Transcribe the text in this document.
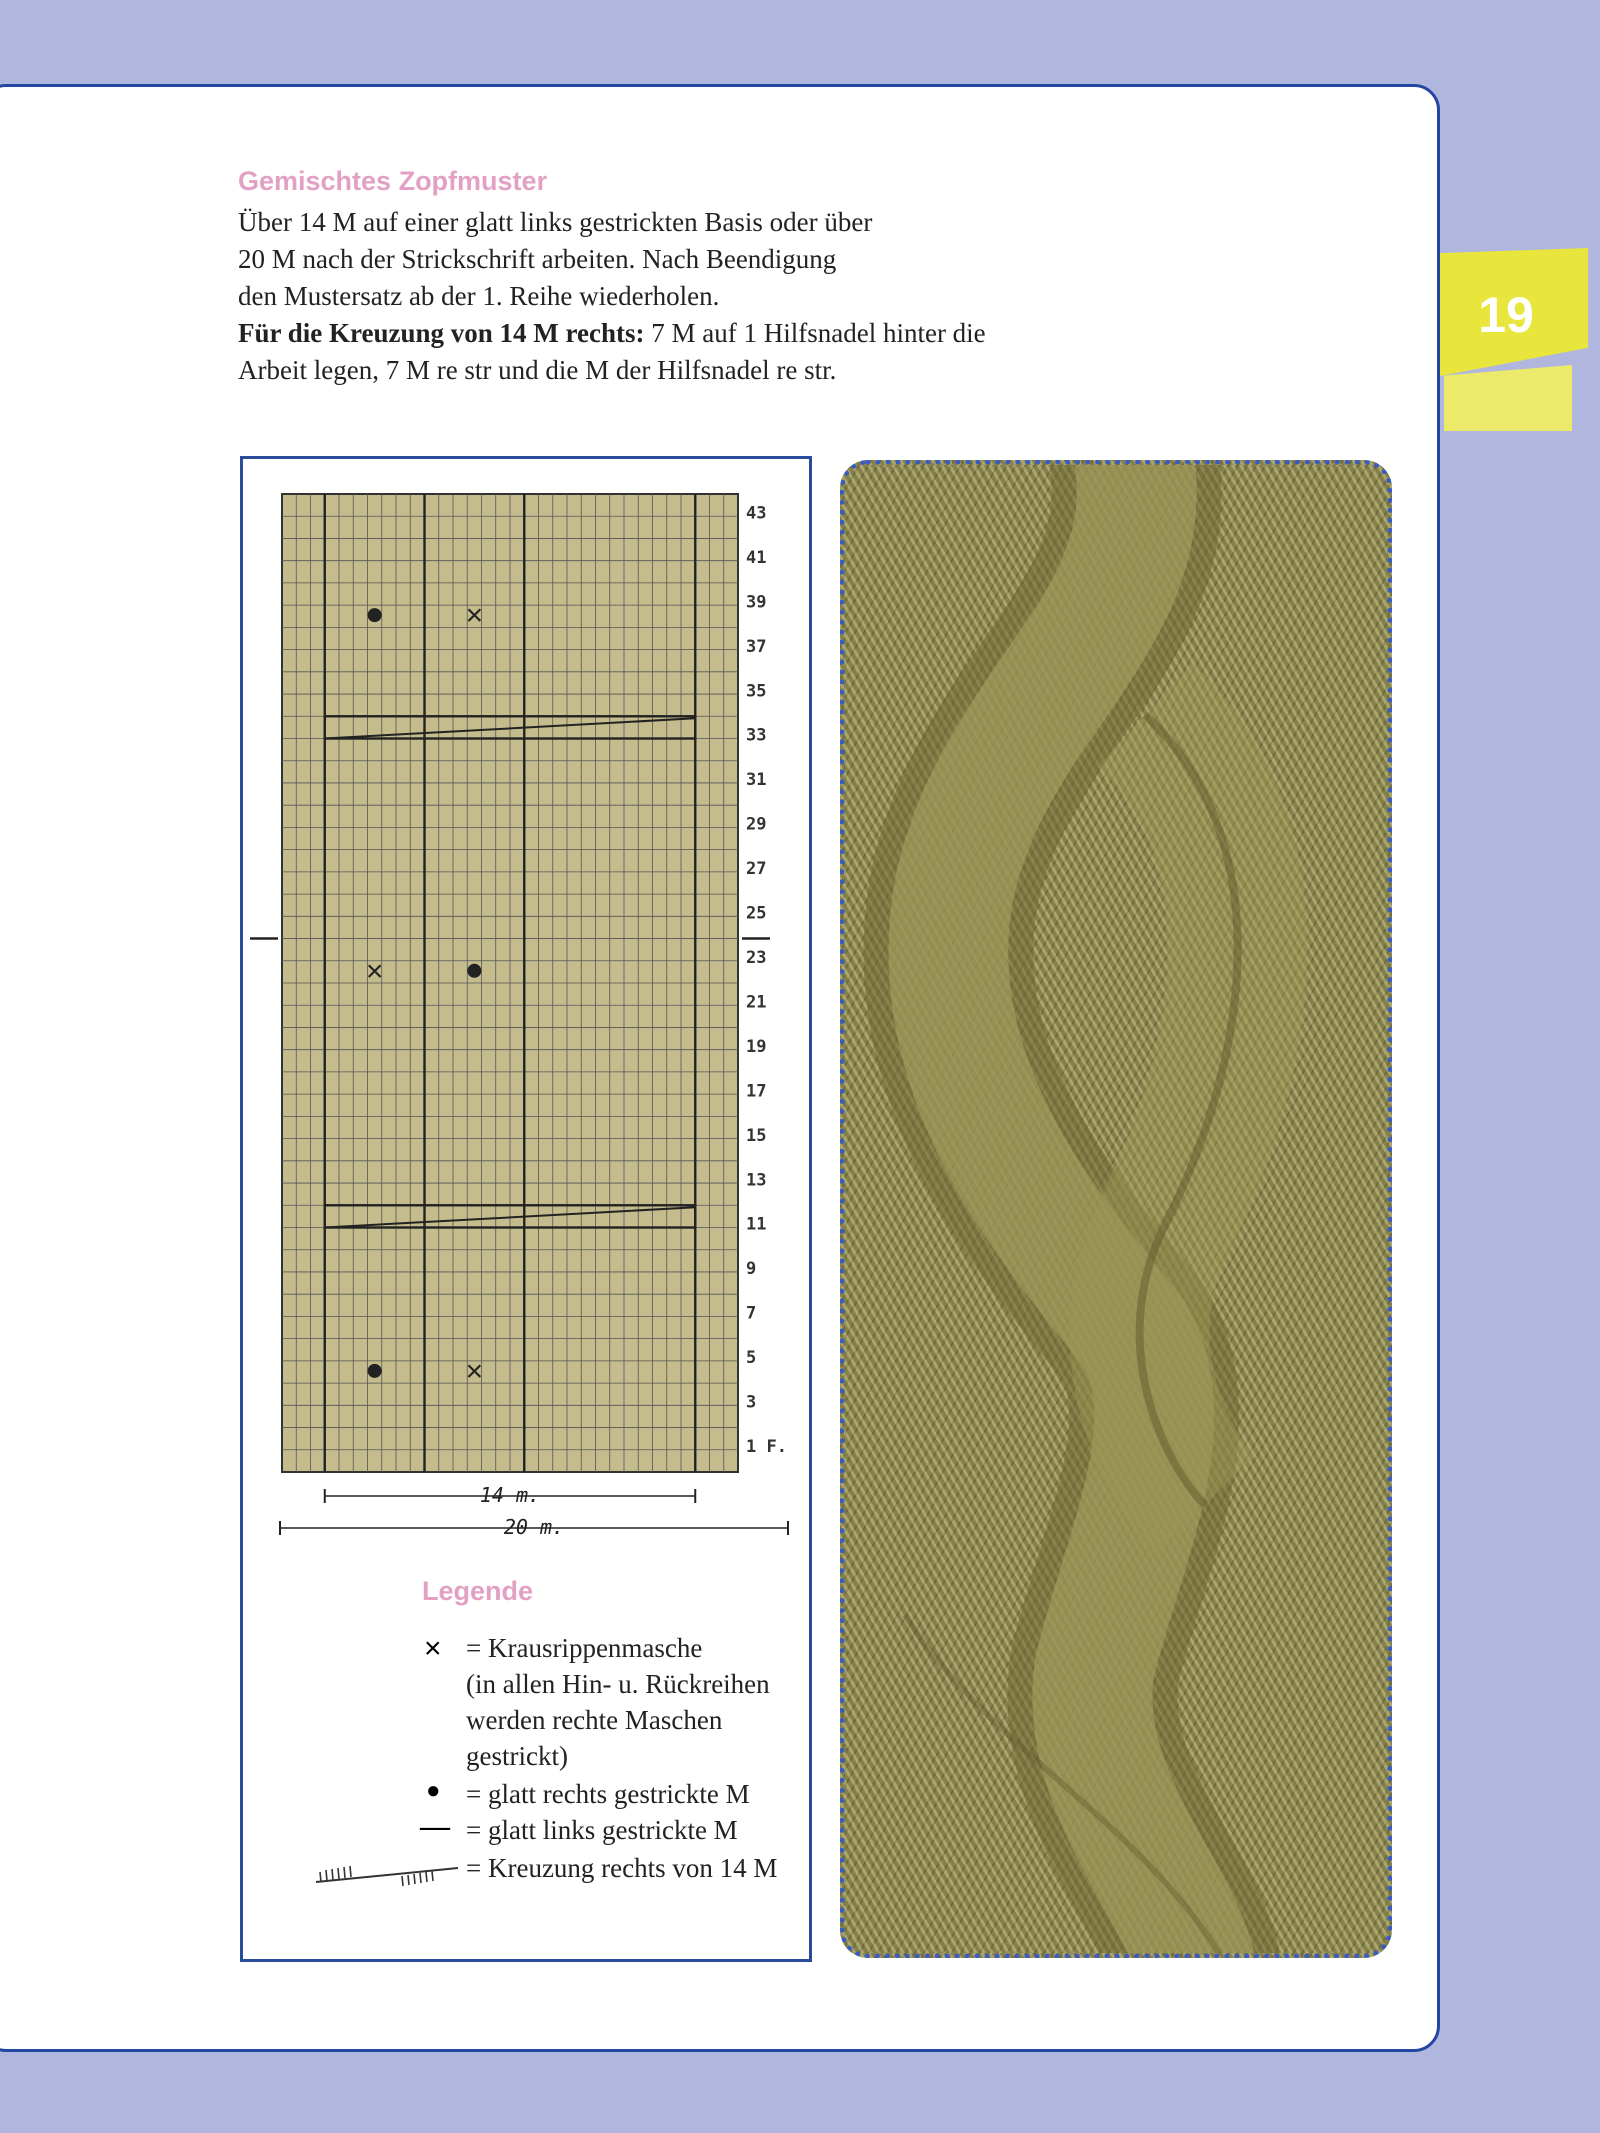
19
Gemischtes Zopfmuster

Über 14 M auf einer glatt links gestrickten Basis oder über

20 M nach der Strickschrift arbeiten. Nach Beendigung

den Mustersatz ab der 1. Reihe wiederholen.

Für die Kreuzung von 14 M rechts: 7 M auf 1 Hilfsnadel hinter die

Arbeit legen, 7 M re str und die M der Hilfsnadel re str.

×
×
×
43
41
39
37
35
33
31
29
27
25
23
21
19
17
15
13
11
9
7
5
3
1 F.
14 m.
20 m.
Legende
× = Krausrippenmasche
(in allen Hin- u. Rückreihen
werden rechte Maschen
gestrickt)
● = glatt rechts gestrickte M
— = glatt links gestrickte M
= Kreuzung rechts von 14 M
